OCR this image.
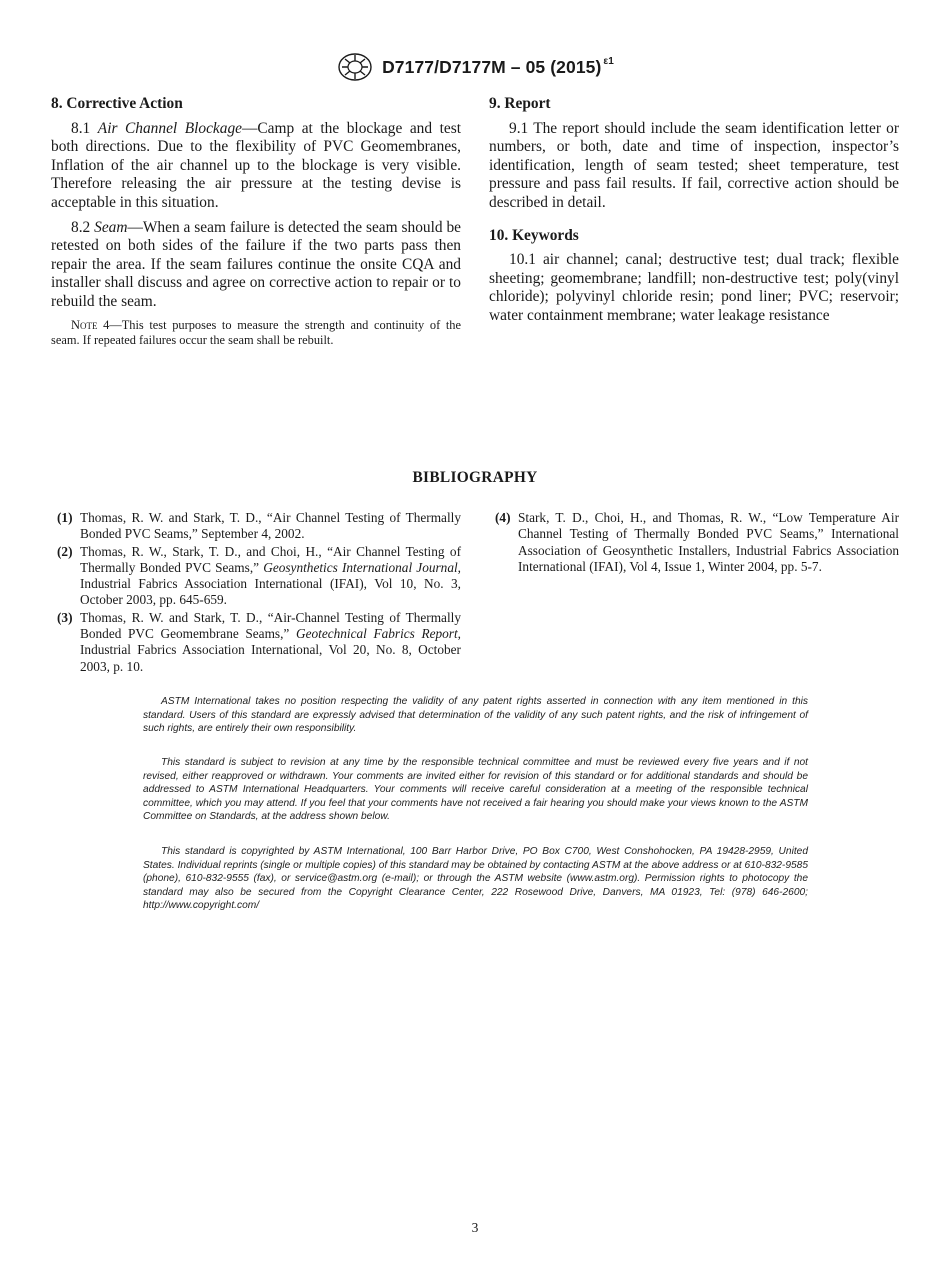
D7177/D7177M – 05 (2015) $^{\varepsilon 1}$
8. Corrective Action

8.1 Air Channel Blockage—Camp at the blockage and test both directions. Due to the flexibility of PVC Geomembranes, Inflation of the air channel up to the blockage is very visible. Therefore releasing the air pressure at the testing devise is acceptable in this situation.

8.2 Seam—When a seam failure is detected the seam should be retested on both sides of the failure if the two parts pass then repair the area. If the seam failures continue the onsite CQA and installer shall discuss and agree on corrective action to repair or to rebuild the seam.

Note 4—This test purposes to measure the strength and continuity of the seam. If repeated failures occur the seam shall be rebuilt.

9. Report

9.1 The report should include the seam identification letter or numbers, or both, date and time of inspection, inspector’s identification, length of seam tested; sheet temperature, test pressure and pass fail results. If fail, corrective action should be described in detail.

10. Keywords

10.1 air channel; canal; destructive test; dual track; flexible sheeting; geomembrane; landfill; non-destructive test; poly(vinyl chloride); polyvinyl chloride resin; pond liner; PVC; reservoir; water containment membrane; water leakage resistance

BIBLIOGRAPHY
(1) Thomas, R. W. and Stark, T. D., “Air Channel Testing of Thermally Bonded PVC Seams,” September 4, 2002.
(2) Thomas, R. W., Stark, T. D., and Choi, H., “Air Channel Testing of Thermally Bonded PVC Seams,” Geosynthetics International Journal, Industrial Fabrics Association International (IFAI), Vol 10, No. 3, October 2003, pp. 645-659.
(3) Thomas, R. W. and Stark, T. D., “Air-Channel Testing of Thermally Bonded PVC Geomembrane Seams,” Geotechnical Fabrics Report, Industrial Fabrics Association International, Vol 20, No. 8, October 2003, p. 10.
(4) Stark, T. D., Choi, H., and Thomas, R. W., “Low Temperature Air Channel Testing of Thermally Bonded PVC Seams,” International Association of Geosynthetic Installers, Industrial Fabrics Association International (IFAI), Vol 4, Issue 1, Winter 2004, pp. 5-7.

ASTM International takes no position respecting the validity of any patent rights asserted in connection with any item mentioned in this standard. Users of this standard are expressly advised that determination of the validity of any such patent rights, and the risk of infringement of such rights, are entirely their own responsibility.

This standard is subject to revision at any time by the responsible technical committee and must be reviewed every five years and if not revised, either reapproved or withdrawn. Your comments are invited either for revision of this standard or for additional standards and should be addressed to ASTM International Headquarters. Your comments will receive careful consideration at a meeting of the responsible technical committee, which you may attend. If you feel that your comments have not received a fair hearing you should make your views known to the ASTM Committee on Standards, at the address shown below.

This standard is copyrighted by ASTM International, 100 Barr Harbor Drive, PO Box C700, West Conshohocken, PA 19428-2959, United States. Individual reprints (single or multiple copies) of this standard may be obtained by contacting ASTM at the above address or at 610-832-9585 (phone), 610-832-9555 (fax), or service@astm.org (e-mail); or through the ASTM website (www.astm.org). Permission rights to photocopy the standard may also be secured from the Copyright Clearance Center, 222 Rosewood Drive, Danvers, MA 01923, Tel: (978) 646-2600; http://www.copyright.com/

3
